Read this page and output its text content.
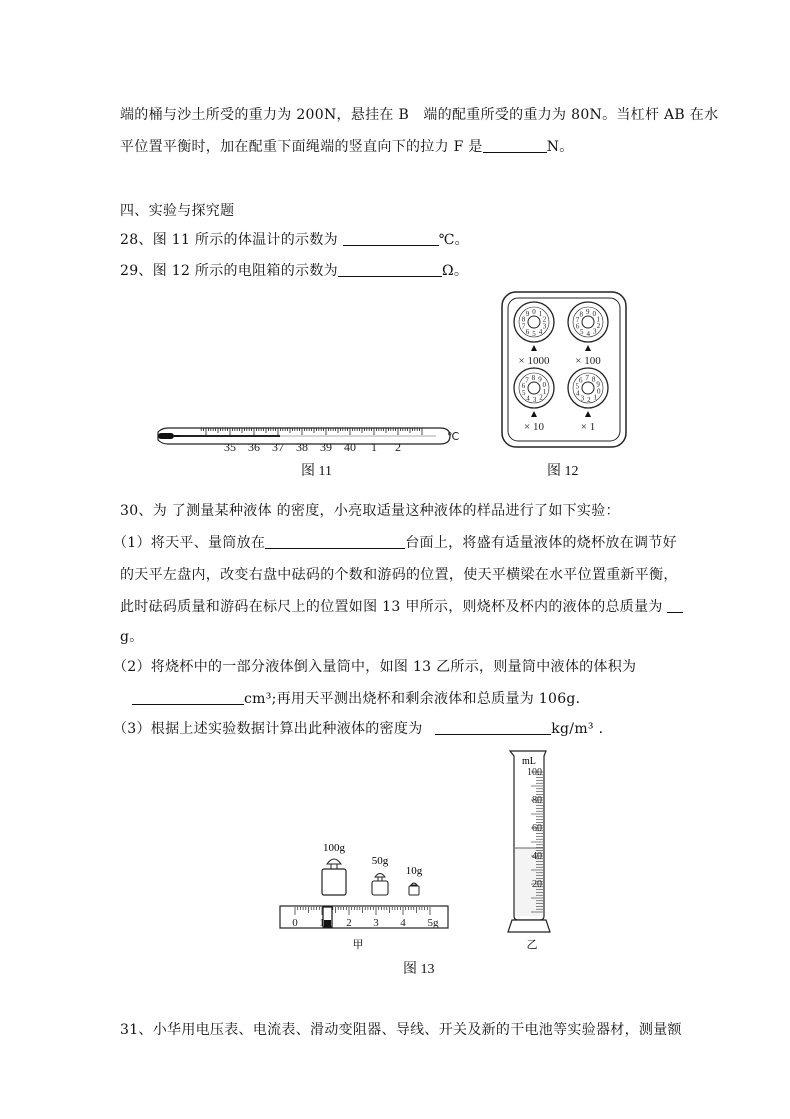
端的桶与沙土所受的重力为 200N，悬挂在 B　端的配重所受的重力为 80N。当杠杆 AB 在水
平位置平衡时，加在配重下面绳端的竖直向下的拉力 F 是	N。
四、实验与探究题
28、图 11 所示的体温计的示数为	℃。
29、图 12 所示的电阻箱的示数为	Ω。
35 36 37 38 39 40 1 2
℃
图 11
0 1
2
3
4
5
6
7
8
9
× 1000
0
1
2
3
4
5
6
7
8 9
× 100
0
1
2
3
4
5
6
7 8 9
× 10
0
1
2
3
4
5
6 7 8
9
× 1
图 12
30、为 了测量某种液体 的密度，小亮取适量这种液体的样品进行了如下实验：
（1）将天平、量筒放在	台面上，将盛有适量液体的烧杯放在调节好
的天平左盘内，改变右盘中砝码的个数和游码的位置，使天平横梁在水平位置重新平衡，
此时砝码质量和游码在标尺上的位置如图 13 甲所示，则烧杯及杯内的液体的总质量为
g。
（2）将烧杯中的一部分液体倒入量筒中，如图 13 乙所示，则量筒中液体的体积为
cm³;再用天平测出烧杯和剩余液体和总质量为 106g.
（3）根据上述实验数据计算出此种液体的密度为	kg/m³ .
100g
50g
10g
0 1 2 3 4 5g
甲
100
80
60
40
20
mL
乙
图 13
31、小华用电压表、电流表、滑动变阻器、导线、开关及新的干电池等实验器材，测量额
